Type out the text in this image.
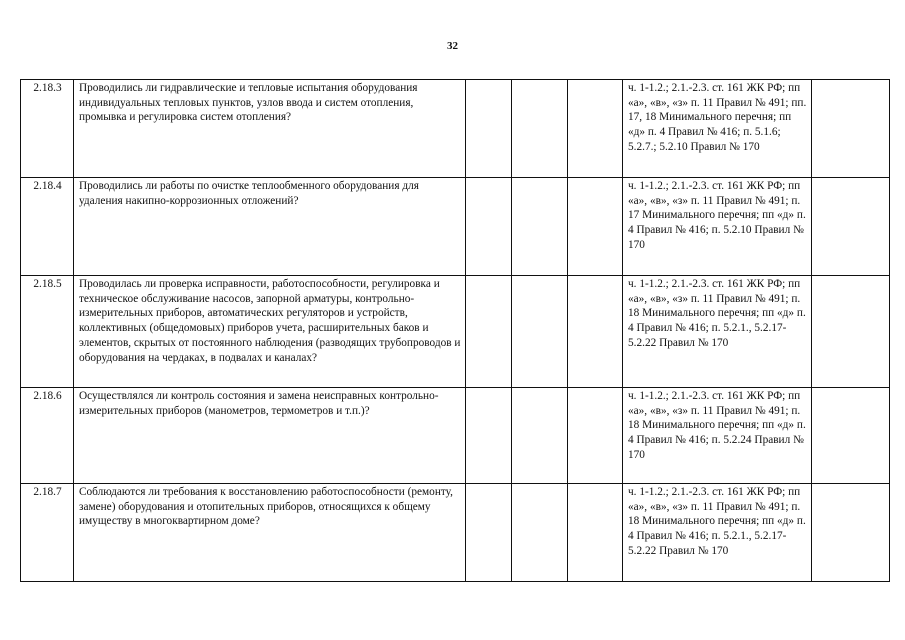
32
2.18.3	Проводились ли гидравлические и тепловые испытания оборудования индивидуальных тепловых пунктов, узлов ввода и систем отопления, промывка и регулировка систем отопления?				ч. 1-1.2.; 2.1.-2.3. ст. 161 ЖК РФ; пп «а», «в», «з» п. 11 Правил № 491; пп. 17, 18 Минимального перечня; пп «д» п. 4 Правил № 416; п. 5.1.6; 5.2.7.; 5.2.10 Правил № 170	
2.18.4	Проводились ли работы по очистке теплообменного оборудования для удаления накипно-коррозионных отложений?				ч. 1-1.2.; 2.1.-2.3. ст. 161 ЖК РФ; пп «а», «в», «з» п. 11 Правил № 491; п. 17 Минимального перечня; пп «д» п. 4 Правил № 416; п. 5.2.10 Правил № 170	
2.18.5	Проводилась ли проверка исправности, работоспособности, регулировка и техническое обслуживание насосов, запорной арматуры, контрольно-измерительных приборов, автоматических регуляторов и устройств, коллективных (общедомовых) приборов учета, расширительных баков и элементов, скрытых от постоянного наблюдения (разводящих трубопроводов и оборудования на чердаках, в подвалах и каналах?				ч. 1-1.2.; 2.1.-2.3. ст. 161 ЖК РФ; пп «а», «в», «з» п. 11 Правил № 491; п. 18 Минимального перечня; пп «д» п. 4 Правил № 416; п. 5.2.1., 5.2.17-5.2.22 Правил № 170	
2.18.6	Осуществлялся ли контроль состояния и замена неисправных контрольно-измерительных приборов (манометров, термометров и т.п.)?				ч. 1-1.2.; 2.1.-2.3. ст. 161 ЖК РФ; пп «а», «в», «з» п. 11 Правил № 491; п. 18 Минимального перечня; пп «д» п. 4 Правил № 416; п. 5.2.24 Правил № 170	
2.18.7	Соблюдаются ли требования к восстановлению работоспособности (ремонту, замене) оборудования и отопительных приборов, относящихся к общему имуществу в многоквартирном доме?				ч. 1-1.2.; 2.1.-2.3. ст. 161 ЖК РФ; пп «а», «в», «з» п. 11 Правил № 491; п. 18 Минимального перечня; пп «д» п. 4 Правил № 416; п. 5.2.1., 5.2.17-5.2.22 Правил № 170	
